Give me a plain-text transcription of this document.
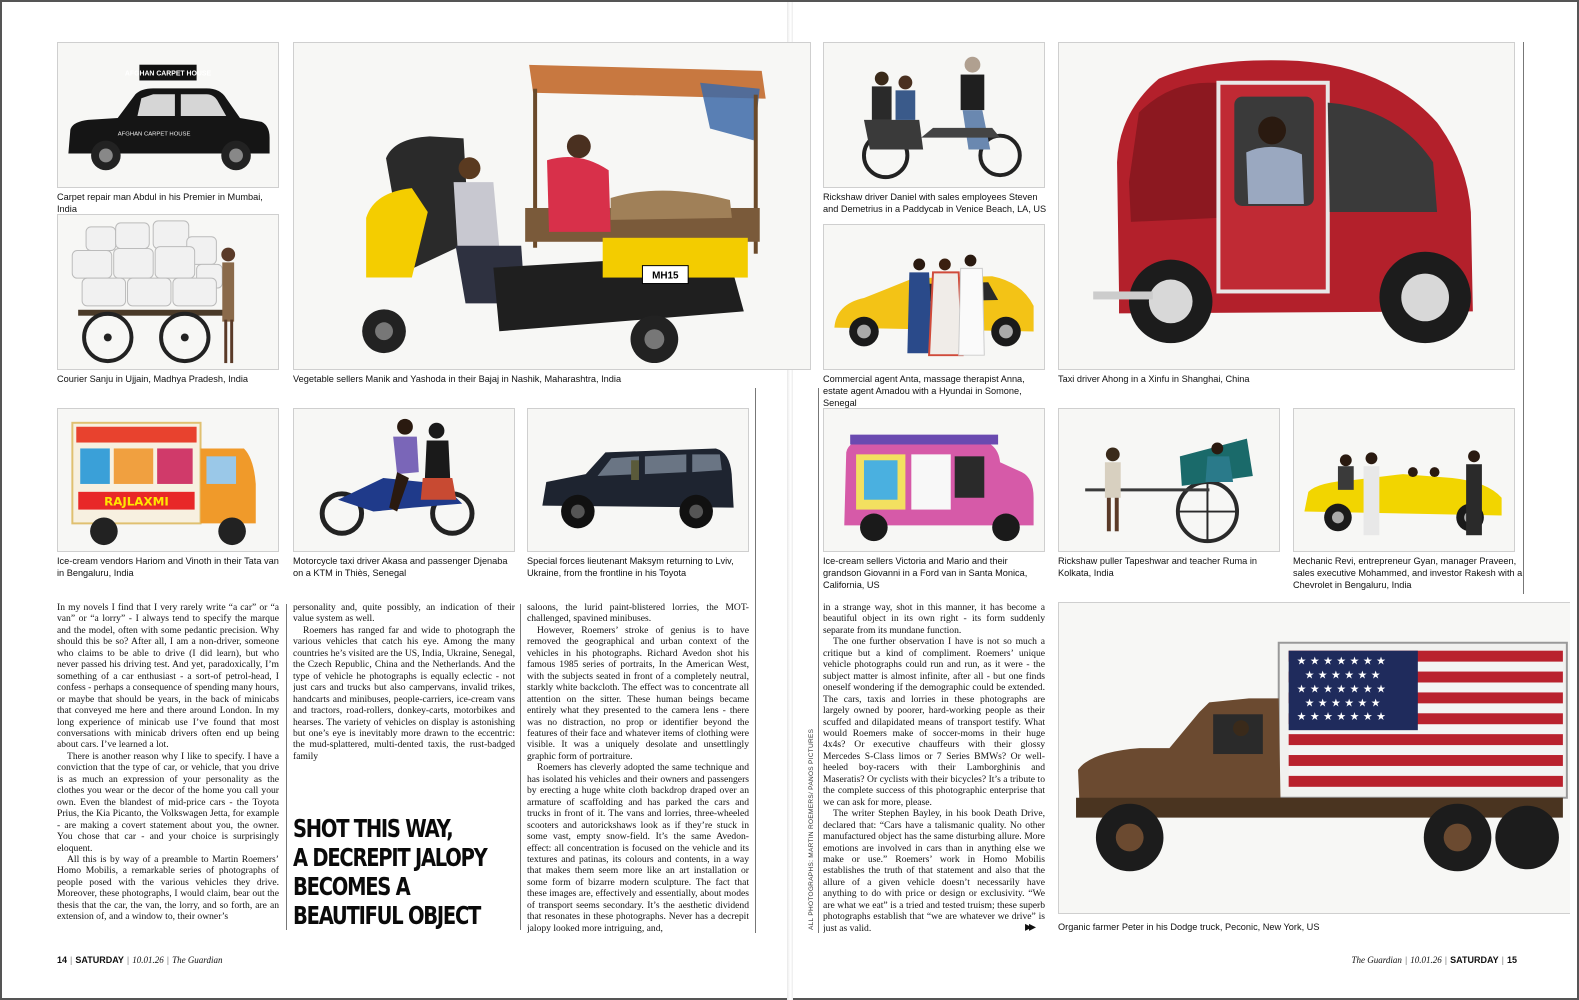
AFGHAN CARPET HOUSE
AFGHAN CARPET HOUSE
MH15
RAJLAXMI
Carpet repair man Abdul in his Premier in Mumbai, India
Courier Sanju in Ujjain, Madhya Pradesh, India	Vegetable sellers Manik and Yashoda in their Bajaj in Nashik, Maharashtra, India
Ice-cream vendors Hariom and Vinoth in their Tata van in Bengaluru, India
Motorcycle taxi driver Akasa and passenger Djenaba on a KTM in Thiès, Senegal
Special forces lieutenant Maksym returning to Lviv, Ukraine, from the frontline in his Toyota

In my novels I find that I very rarely write “a car” or “a van” or “a lorry” - I always tend to specify the marque and the model, often with some pedantic precision. Why should this be so? After all, I am a non-driver, someone who claims to be able to drive (I did learn), but who never passed his driving test. And yet, paradoxically, I’m something of a car enthusiast - a sort-of petrol-head, I confess - perhaps a consequence of spending many hours, or maybe that should be years, in the back of minicabs that conveyed me here and there around London. In my long experience of minicab use I’ve found that most conversations with minicab drivers often end up being about cars. I’ve learned a lot.

There is another reason why I like to specify. I have a conviction that the type of car, or vehicle, that you drive is as much an expression of your personality as the clothes you wear or the decor of the home you call your own. Even the blandest of mid-price cars - the Toyota Prius, the Kia Picanto, the Volkswagen Jetta, for example - are making a covert statement about you, the owner. You chose that car - and your choice is surprisingly eloquent.

All this is by way of a preamble to Martin Roemers’ Homo Mobilis, a remarkable series of photographs of people posed with the various vehicles they drive. Moreover, these photographs, I would claim, bear out the thesis that the car, the van, the lorry, and so forth, are an extension of, and a window to, their owner’s

personality and, quite possibly, an indication of their value system as well.

Roemers has ranged far and wide to photograph the various vehicles that catch his eye. Among the many countries he’s visited are the US, India, Ukraine, Senegal, the Czech Republic, China and the Netherlands. And the type of vehicle he photographs is equally eclectic - not just cars and trucks but also campervans, invalid trikes, handcarts and minibuses, people-carriers, ice-cream vans and tractors, road-rollers, donkey-carts, motorbikes and hearses. The variety of vehicles on display is astonishing but one’s eye is inevitably more drawn to the eccentric: the mud-splattered, multi-dented taxis, the rust-badged family

SHOT THIS WAY,
A DECREPIT JALOPY
BECOMES A
BEAUTIFUL OBJECT

saloons, the lurid paint-blistered lorries, the MOT-challenged, spavined minibuses.

However, Roemers’ stroke of genius is to have removed the geographical and urban context of the vehicles in his photographs. Richard Avedon shot his famous 1985 series of portraits, In the American West, with the subjects seated in front of a completely neutral, starkly white backcloth. The effect was to concentrate all attention on the sitter. These human beings became entirely what they presented to the camera lens - there was no distraction, no prop or identifier beyond the features of their face and whatever items of clothing were visible. It was a uniquely desolate and unsettlingly graphic form of portraiture.

Roemers has cleverly adopted the same technique and has isolated his vehicles and their owners and passengers by erecting a huge white cloth backdrop draped over an armature of scaffolding and has parked the cars and trucks in front of it. The vans and lorries, three-wheeled scooters and autorickshaws look as if they’re stuck in some vast, empty snow-field. It’s the same Avedon-effect: all concentration is focused on the vehicle and its textures and patinas, its colours and contents, in a way that makes them seem more like an art installation or some form of bizarre modern sculpture. The fact that these images are, effectively and essentially, about modes of transport seems secondary. It’s the aesthetic dividend that resonates in these photographs. Never has a decrepit jalopy looked more intriguing, and,

★ ★ ★ ★ ★ ★ ★
★ ★ ★ ★ ★ ★
★ ★ ★ ★ ★ ★ ★
★ ★ ★ ★ ★ ★
★ ★ ★ ★ ★ ★ ★
Rickshaw driver Daniel with sales employees Steven and Demetrius in a Paddycab in Venice Beach, LA, US
Commercial agent Anta, massage therapist Anna, estate agent Amadou with a Hyundai in Somone, Senegal
Taxi driver Ahong in a Xinfu in Shanghai, China
Ice-cream sellers Victoria and Mario and their grandson Giovanni in a Ford van in Santa Monica, California, US
Rickshaw puller Tapeshwar and teacher Ruma in Kolkata, India
Mechanic Revi, entrepreneur Gyan, manager Praveen, sales executive Mohammed, and investor Rakesh with a Chevrolet in Bengaluru, India
Organic farmer Peter in his Dodge truck, Peconic, New York, US

in a strange way, shot in this manner, it has become a beautiful object in its own right - its form suddenly separate from its mundane function.

The one further observation I have is not so much a critique but a kind of compliment. Roemers’ unique vehicle photographs could run and run, as it were - the subject matter is almost infinite, after all - but one finds oneself wondering if the demographic could be extended. The cars, taxis and lorries in these photographs are largely owned by poorer, hard-working people as their scuffed and dilapidated means of transport testify. What would Roemers make of soccer-moms in their huge 4x4s? Or executive chauffeurs with their glossy Mercedes S-Class limos or 7 Series BMWs? Or well-heeled boy-racers with their Lamborghinis and Maseratis? Or cyclists with their bicycles? It’s a tribute to the complete success of this photographic enterprise that we can ask for more, please.

The writer Stephen Bayley, in his book Death Drive, declared that: “Cars have a talismanic quality. No other manufactured object has the same disturbing allure. More emotions are involved in cars than in anything else we make or use.” Roemers’ work in Homo Mobilis establishes the truth of that statement and also that the allure of a given vehicle doesn’t necessarily have anything to do with price or design or exclusivity. “We are what we eat” is a tried and tested truism; these superb photographs establish that “we are whatever we drive” is just as valid.	▸▸
ALL PHOTOGRAPHS: MARTIN ROEMERS/ PANOS PICTURES
14 | SATURDAY | 10.01.26 | The Guardian	The Guardian | 10.01.26 | SATURDAY | 15
